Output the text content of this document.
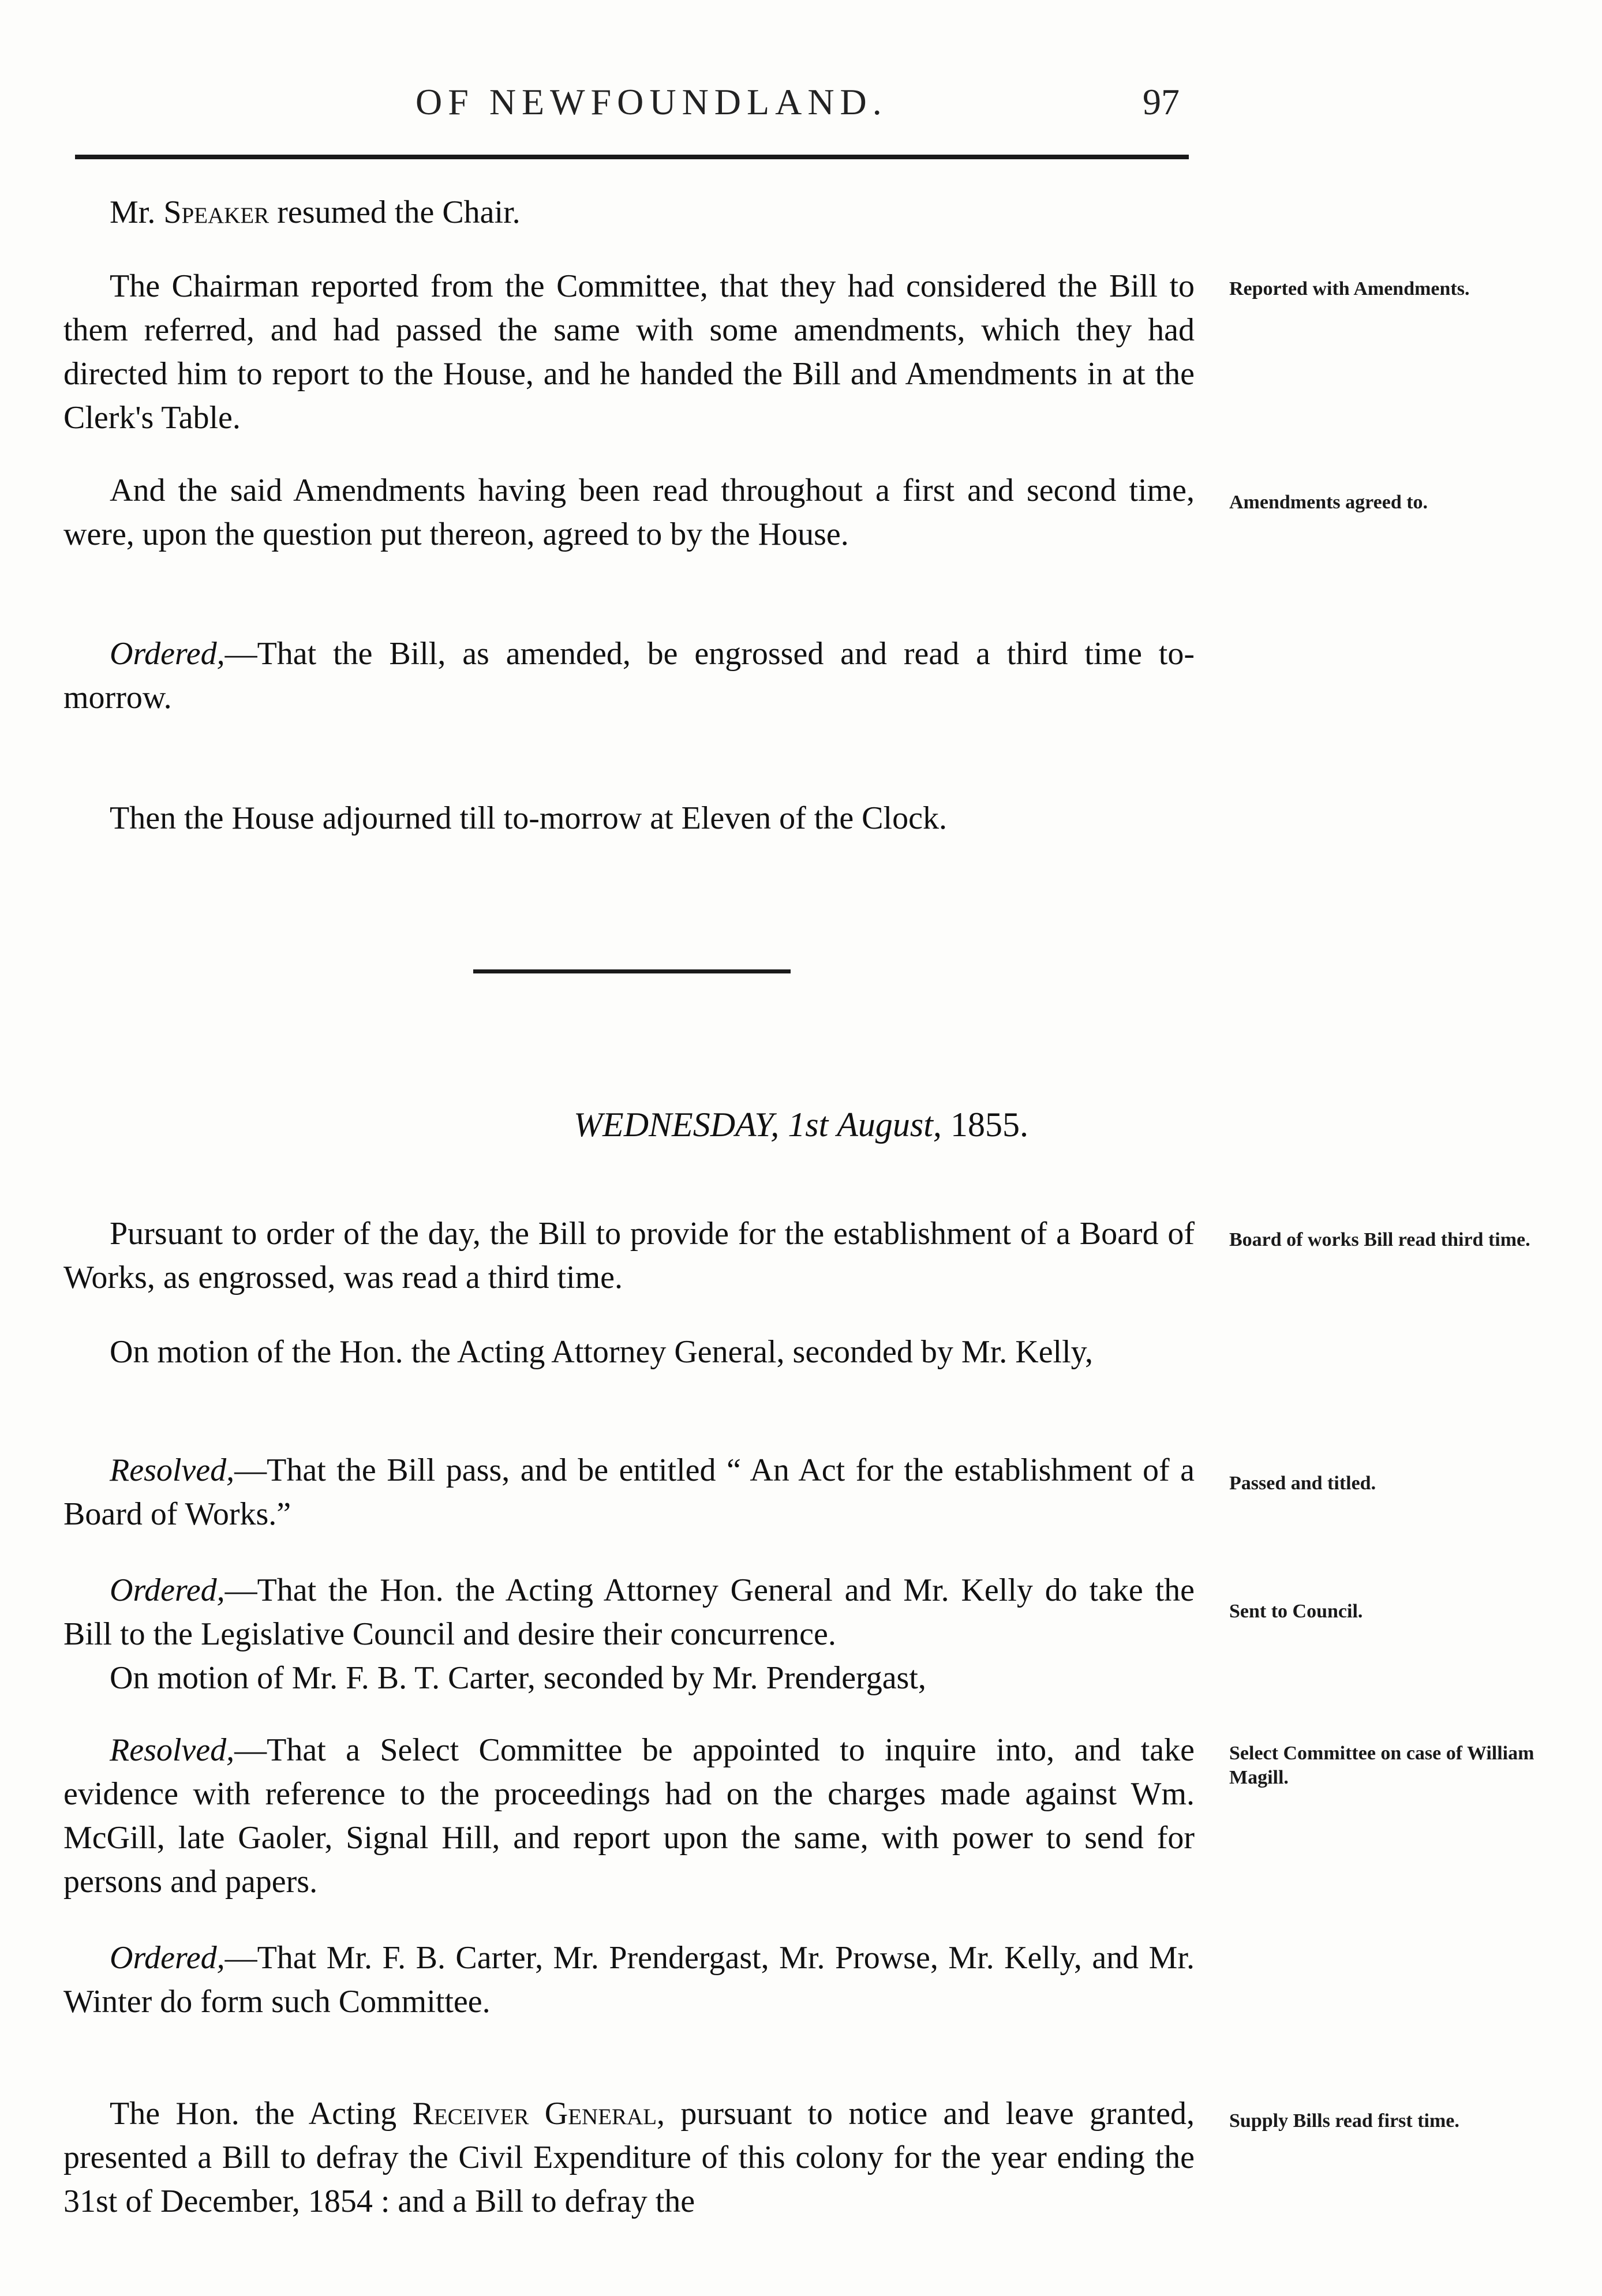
OF NEWFOUNDLAND.	97
Mr. Speaker resumed the Chair.
The Chairman reported from the Committee, that they had considered the Bill to them referred, and had passed the same with some amendments, which they had directed him to report to the House, and he handed the Bill and Amendments in at the Clerk's Table.
Reported with Amendments.
And the said Amendments having been read throughout a first and second time, were, upon the question put thereon, agreed to by the House.
Amendments agreed to.
Ordered,—That the Bill, as amended, be engrossed and read a third time to-morrow.
Then the House adjourned till to-morrow at Eleven of the Clock.
WEDNESDAY, 1st August, 1855.
Pursuant to order of the day, the Bill to provide for the establishment of a Board of Works, as engrossed, was read a third time.
Board of works Bill read third time.
On motion of the Hon. the Acting Attorney General, seconded by Mr. Kelly,
Resolved,—That the Bill pass, and be entitled “ An Act for the establishment of a Board of Works.”
Passed and titled.
Ordered,—That the Hon. the Acting Attorney General and Mr. Kelly do take the Bill to the Legislative Council and desire their concurrence.
Sent to Council.
On motion of Mr. F. B. T. Carter, seconded by Mr. Prendergast,
Resolved,—That a Select Committee be appointed to inquire into, and take evidence with reference to the proceedings had on the charges made against Wm. McGill, late Gaoler, Signal Hill, and report upon the same, with power to send for persons and papers.
Select Committee on case of William Magill.
Ordered,—That Mr. F. B. Carter, Mr. Prendergast, Mr. Prowse, Mr. Kelly, and Mr. Winter do form such Committee.
The Hon. the Acting Receiver General, pursuant to notice and leave granted, presented a Bill to defray the Civil Expenditure of this colony for the year ending the 31st of December, 1854 : and a Bill to defray the
Supply Bills read first time.
